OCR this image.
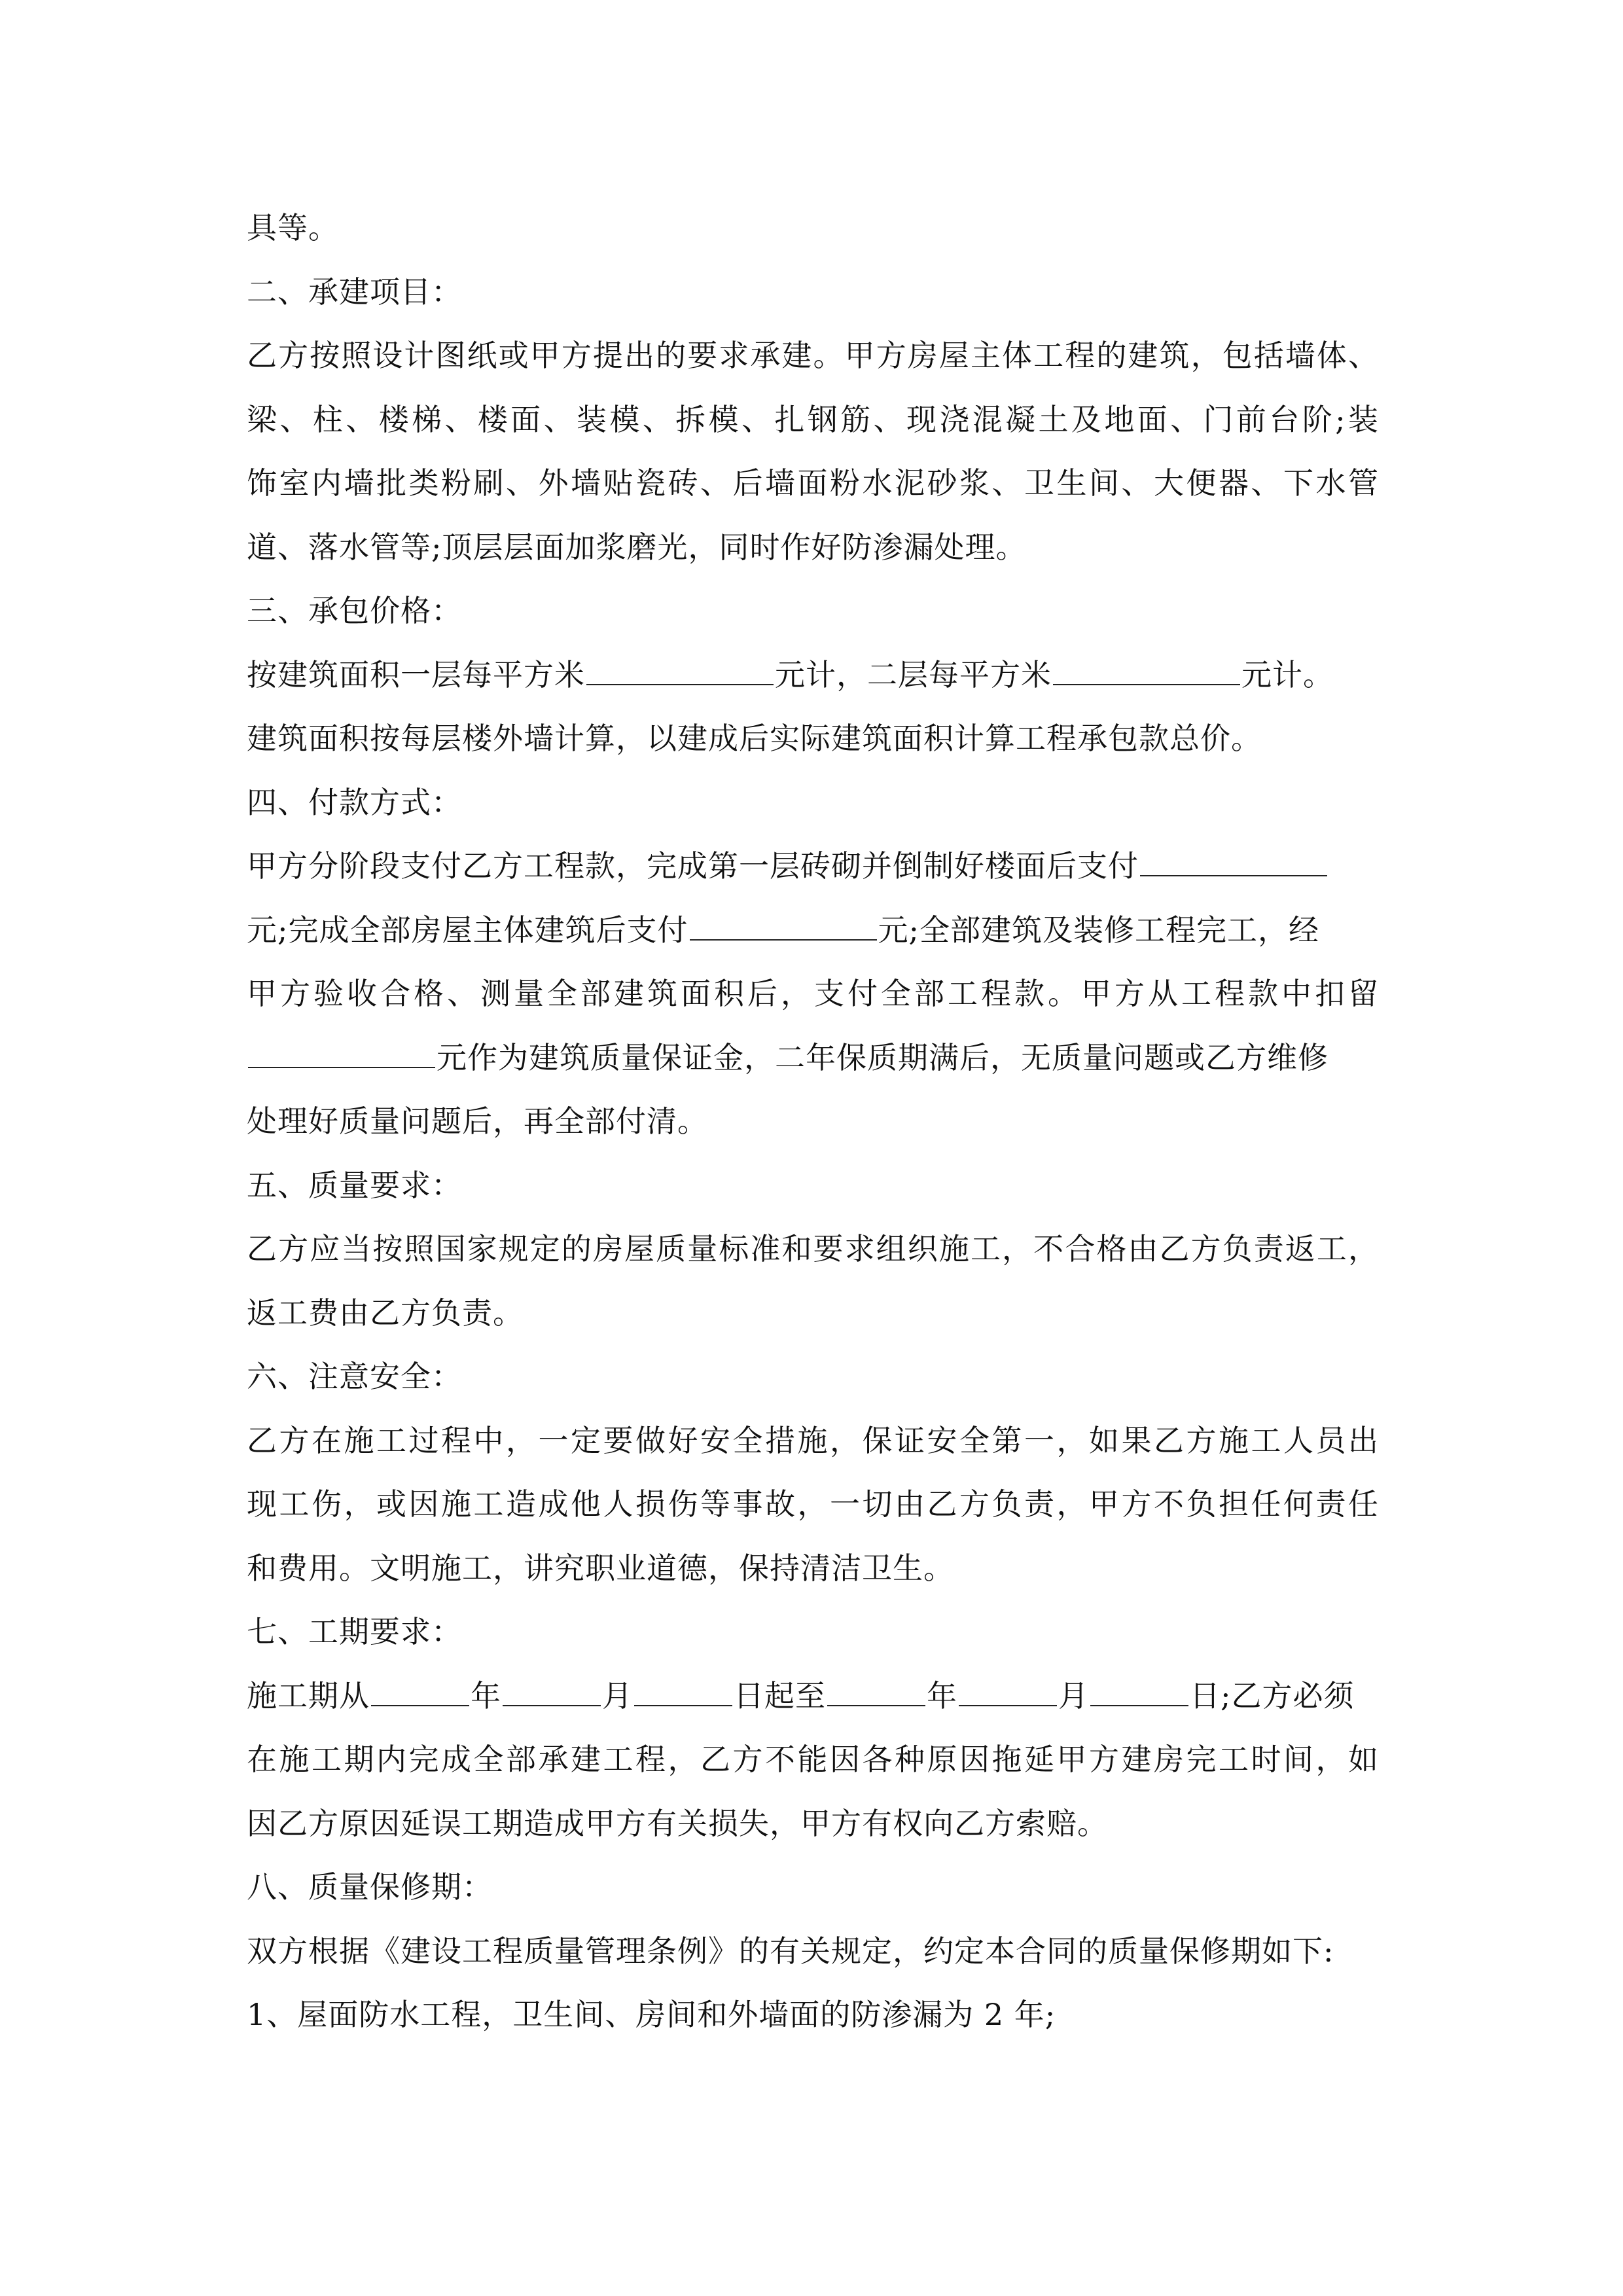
具等。
二、承建项目：
乙方按照设计图纸或甲方提出的要求承建。甲方房屋主体工程的建筑，包括墙体、
梁、柱、楼梯、楼面、装模、拆模、扎钢筋、现浇混凝土及地面、门前台阶;装
饰室内墙批类粉刷、外墙贴瓷砖、后墙面粉水泥砂浆、卫生间、大便器、下水管
道、落水管等;顶层层面加浆磨光，同时作好防渗漏处理。
三、承包价格：
按建筑面积一层每平方米	元计，二层每平方米	元计。
建筑面积按每层楼外墙计算，以建成后实际建筑面积计算工程承包款总价。
四、付款方式：
甲方分阶段支付乙方工程款，完成第一层砖砌并倒制好楼面后支付
元;完成全部房屋主体建筑后支付	元;全部建筑及装修工程完工，经
甲方验收合格、测量全部建筑面积后，支付全部工程款。甲方从工程款中扣留
元作为建筑质量保证金，二年保质期满后，无质量问题或乙方维修
处理好质量问题后，再全部付清。
五、质量要求：
乙方应当按照国家规定的房屋质量标准和要求组织施工，不合格由乙方负责返工，
返工费由乙方负责。
六、注意安全：
乙方在施工过程中，一定要做好安全措施，保证安全第一，如果乙方施工人员出
现工伤，或因施工造成他人损伤等事故，一切由乙方负责，甲方不负担任何责任
和费用。文明施工，讲究职业道德，保持清洁卫生。
七、工期要求：
施工期从	年	月	日起至	年	月	日;乙方必须
在施工期内完成全部承建工程，乙方不能因各种原因拖延甲方建房完工时间，如
因乙方原因延误工期造成甲方有关损失，甲方有权向乙方索赔。
八、质量保修期：
双方根据《建设工程质量管理条例》的有关规定，约定本合同的质量保修期如下:
1、屋面防水工程，卫生间、房间和外墙面的防渗漏为 2 年;
